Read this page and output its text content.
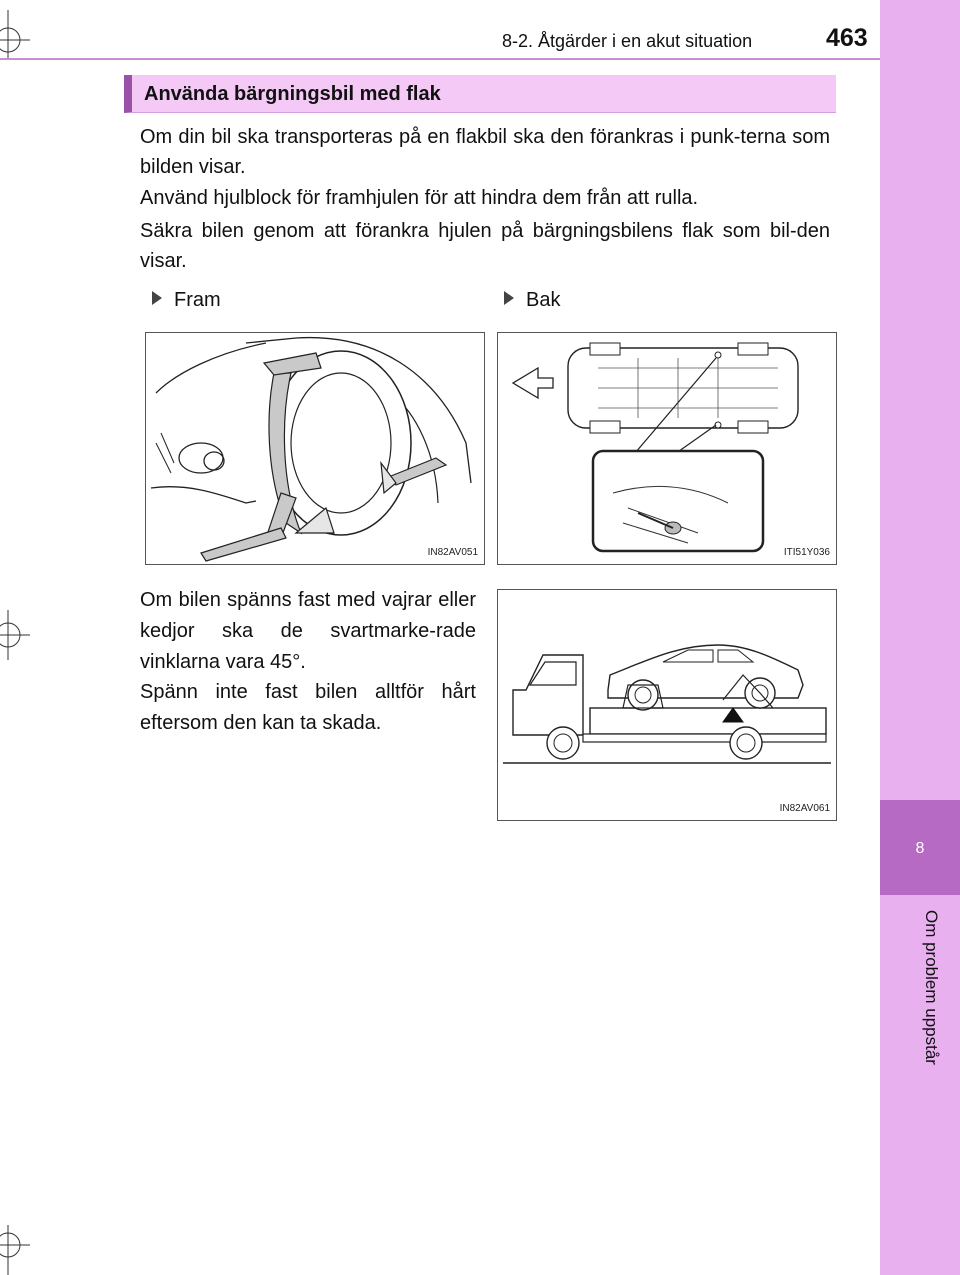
8-2. Åtgärder i en akut situation	463
8
Om problem uppstår
Använda bärgningsbil med flak

Om din bil ska transporteras på en flakbil ska den förankras i punk-terna som bilden visar.

Använd hjulblock för framhjulen för att hindra dem från att rulla.

Säkra bilen genom att förankra hjulen på bärgningsbilens flak som bil-den visar.

Fram	Bak
IN82AV051	ITI51Y036

Om bilen spänns fast med vajrar eller kedjor ska de svartmarke-rade vinklarna vara 45°.

Spänn inte fast bilen alltför hårt eftersom den kan ta skada.

IN82AV061
